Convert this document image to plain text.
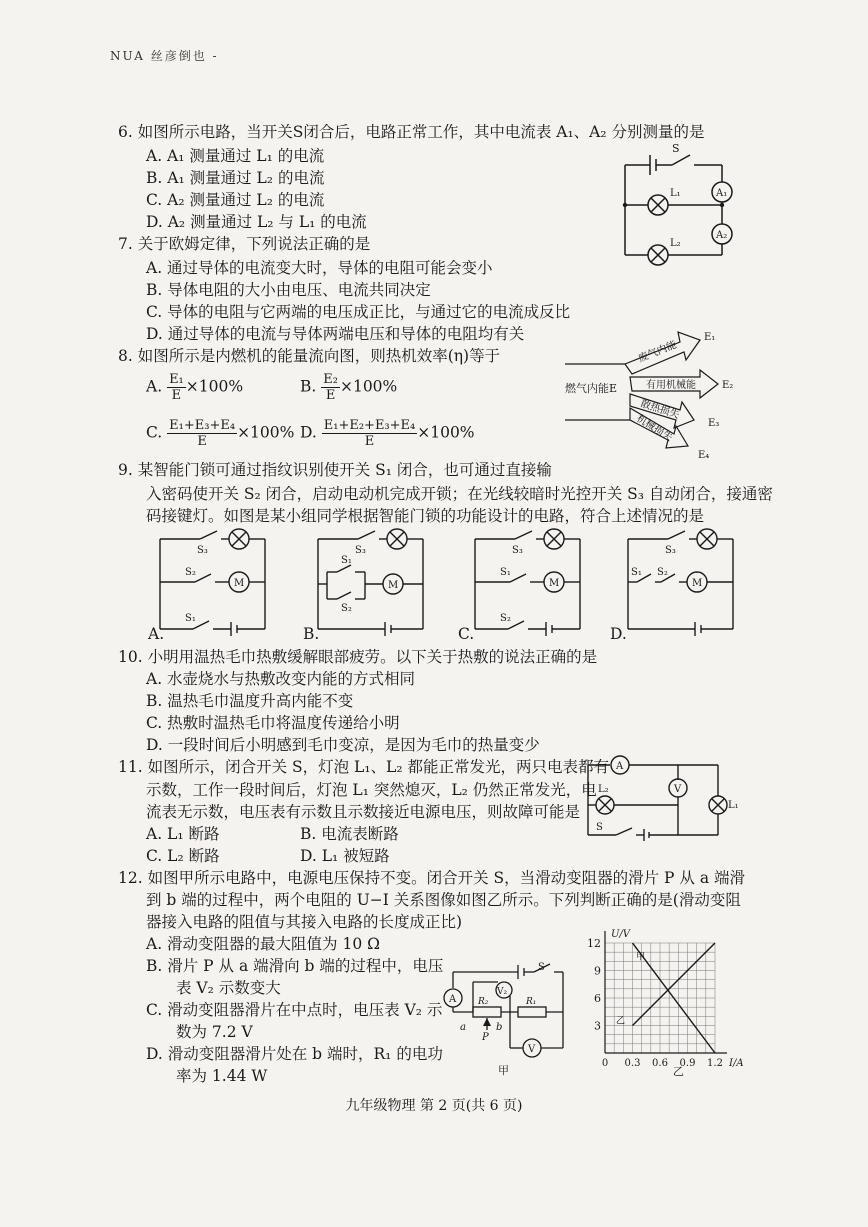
NUA 丝彦倒也 -
6. 如图所示电路，当开关S闭合后，电路正常工作，其中电流表 A₁、A₂ 分别测量的是
A. A₁ 测量通过 L₁ 的电流
B. A₁ 测量通过 L₂ 的电流
C. A₂ 测量通过 L₂ 的电流
D. A₂ 测量通过 L₂ 与 L₁ 的电流
S
L₁
L₂
A₁
A₂
7. 关于欧姆定律，下列说法正确的是
A. 通过导体的电流变大时，导体的电阻可能会变小
B. 导体电阻的大小由电压、电流共同决定
C. 导体的电阻与它两端的电压成正比，与通过它的电流成反比
D. 通过导体的电流与导体两端电压和导体的电阻均有关
8. 如图所示是内燃机的能量流向图，则热机效率(η)等于
A. $\frac{\text{E₁}}{E} \times 100\%$	B. $\frac{\text{E₂}}{E} \times 100\%$
C. $\frac{\text{E₁+E₃+E₄}}{E} \times 100\%$ D. $\frac{\text{E₁+E₂+E₃+E₄}}{E} \times 100\%$
燃气内能E
废气内能
E₁
有用机械能	E₂
散热损失
E₃
机械损失
E₄
9. 某智能门锁可通过指纹识别使开关 S₁ 闭合，也可通过直接输
入密码使开关 S₂ 闭合，启动电动机完成开锁；在光线较暗时光控开关 S₃ 自动闭合，接通密
码接键灯。如图是某小组同学根据智能门锁的功能设计的电路，符合上述情况的是
S₃
S₂
M
S₁
A.
S₃
S₁
M
S₂
B.
S₃
S₁
M
S₂
C.
S₃
S₁ S₂
M
D.
10. 小明用温热毛巾热敷缓解眼部疲劳。以下关于热敷的说法正确的是
A. 水壶烧水与热敷改变内能的方式相同
B. 温热毛巾温度升高内能不变
C. 热敷时温热毛巾将温度传递给小明
D. 一段时间后小明感到毛巾变凉，是因为毛巾的热量变少
11. 如图所示，闭合开关 S，灯泡 L₁、L₂ 都能正常发光，两只电表都有
示数，工作一段时间后，灯泡 L₁ 突然熄灭，L₂ 仍然正常发光，电
流表无示数，电压表有示数且示数接近电源电压，则故障可能是
A. L₁ 断路	B. 电流表断路
C. L₂ 断路	D. L₁ 被短路
A
V
L₂
L₁
S
12. 如图甲所示电路中，电源电压保持不变。闭合开关 S，当滑动变阻器的滑片 P 从 a 端滑
到 b 端的过程中，两个电阻的 U−I 关系图像如图乙所示。下列判断正确的是(滑动变阻
器接入电路的阻值与其接入电路的长度成正比)
A. 滑动变阻器的最大阻值为 10 Ω
B. 滑片 P 从 a 端滑向 b 端的过程中，电压
表 V₂ 示数变大
C. 滑动变阻器滑片在中点时，电压表 V₂ 示
数为 7.2 V
D. 滑动变阻器滑片处在 b 端时，R₁ 的电功
率为 1.44 W
S
A
V₂
R₂	R₁
a	b
P
V
甲
12
9
6
3
0 0.3 0.6 0.9 1.2
U/V
I/A
甲
乙
乙
九年级物理 第 2 页(共 6 页)
